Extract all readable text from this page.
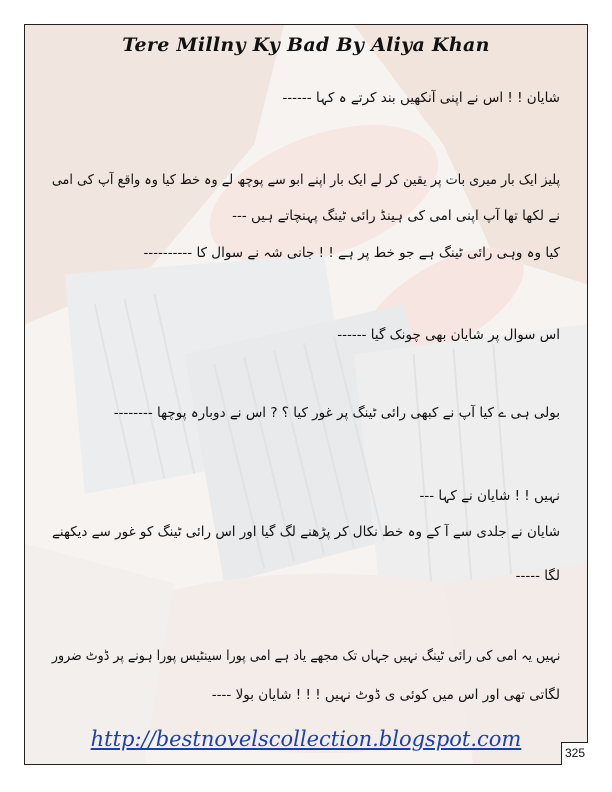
Tere Millny Ky Bad By Aliya Khan
شایان ! ! اس نے اپنی آنکھیں بند کرتے ہ کہا ------
پلیز ایک بار میری بات پر یقین کر لے ایک بار اپنے ابو سے پوچھ لے وہ خط کیا وہ واقع آپ کی امی
نے لکھا تھا آپ اپنی امی کی ہینڈ رائی ٹینگ پہنچاتے ہیں ---
کیا وہ وہی رائی ٹینگ ہے جو خط پر ہے ! ! جانی شہ نے سوال کا ----------
اس سوال پر شایان بھی چونک گیا ------
بولی ہی ے کیا آپ نے کبھی رائی ٹینگ پر غور کیا ؟ ? اس نے دوبارہ پوچھا --------
نہیں ! ! شایان نے کہا ---
شایان نے جلدی سے آ کے وہ خط نکال کر پڑھنے لگ گیا اور اس رائی ٹینگ کو غور سے دیکھنے
لگا -----
نہیں یہ امی کی رائی ٹینگ نہیں جہاں تک مجھے یاد ہے امی پورا سینٹیس پورا ہونے پر ڈوٹ ضرور
لگاتی تھی اور اس میں کوئی ی ڈوٹ نہیں ! ! ! شایان بولا ----
http://bestnovelscollection.blogspot.com
325
